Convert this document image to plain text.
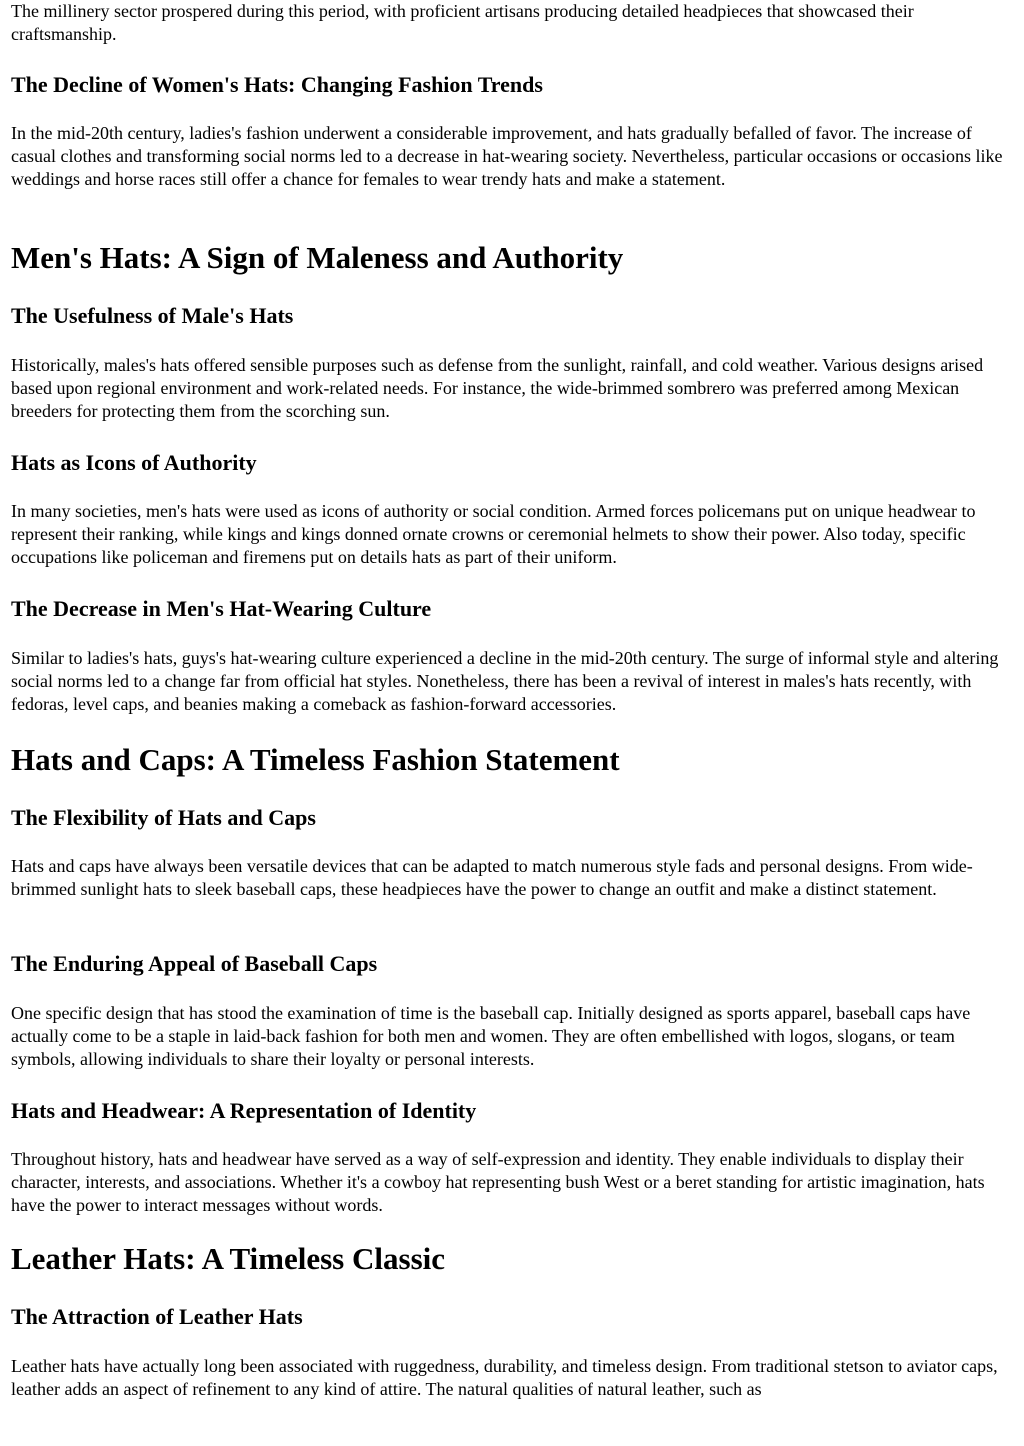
The millinery sector prospered during this period, with proficient artisans producing detailed headpieces that showcased their craftsmanship.

The Decline of Women's Hats: Changing Fashion Trends

In the mid-20th century, ladies's fashion underwent a considerable improvement, and hats gradually befalled of favor. The increase of casual clothes and transforming social norms led to a decrease in hat-wearing society. Nevertheless, particular occasions or occasions like weddings and horse races still offer a chance for females to wear trendy hats and make a statement.

Men's Hats: A Sign of Maleness and Authority
The Usefulness of Male's Hats

Historically, males's hats offered sensible purposes such as defense from the sunlight, rainfall, and cold weather. Various designs arised based upon regional environment and work-related needs. For instance, the wide-brimmed sombrero was preferred among Mexican breeders for protecting them from the scorching sun.

Hats as Icons of Authority

In many societies, men's hats were used as icons of authority or social condition. Armed forces policemans put on unique headwear to represent their ranking, while kings and kings donned ornate crowns or ceremonial helmets to show their power. Also today, specific occupations like policeman and firemens put on details hats as part of their uniform.

The Decrease in Men's Hat-Wearing Culture

Similar to ladies's hats, guys's hat-wearing culture experienced a decline in the mid-20th century. The surge of informal style and altering social norms led to a change far from official hat styles. Nonetheless, there has been a revival of interest in males's hats recently, with fedoras, level caps, and beanies making a comeback as fashion-forward accessories.

Hats and Caps: A Timeless Fashion Statement
The Flexibility of Hats and Caps

Hats and caps have always been versatile devices that can be adapted to match numerous style fads and personal designs. From wide-brimmed sunlight hats to sleek baseball caps, these headpieces have the power to change an outfit and make a distinct statement.

The Enduring Appeal of Baseball Caps

One specific design that has stood the examination of time is the baseball cap. Initially designed as sports apparel, baseball caps have actually come to be a staple in laid-back fashion for both men and women. They are often embellished with logos, slogans, or team symbols, allowing individuals to share their loyalty or personal interests.

Hats and Headwear: A Representation of Identity

Throughout history, hats and headwear have served as a way of self-expression and identity. They enable individuals to display their character, interests, and associations. Whether it's a cowboy hat representing bush West or a beret standing for artistic imagination, hats have the power to interact messages without words.

Leather Hats: A Timeless Classic
The Attraction of Leather Hats

Leather hats have actually long been associated with ruggedness, durability, and timeless design. From traditional stetson to aviator caps, leather adds an aspect of refinement to any kind of attire. The natural qualities of natural leather, such as
